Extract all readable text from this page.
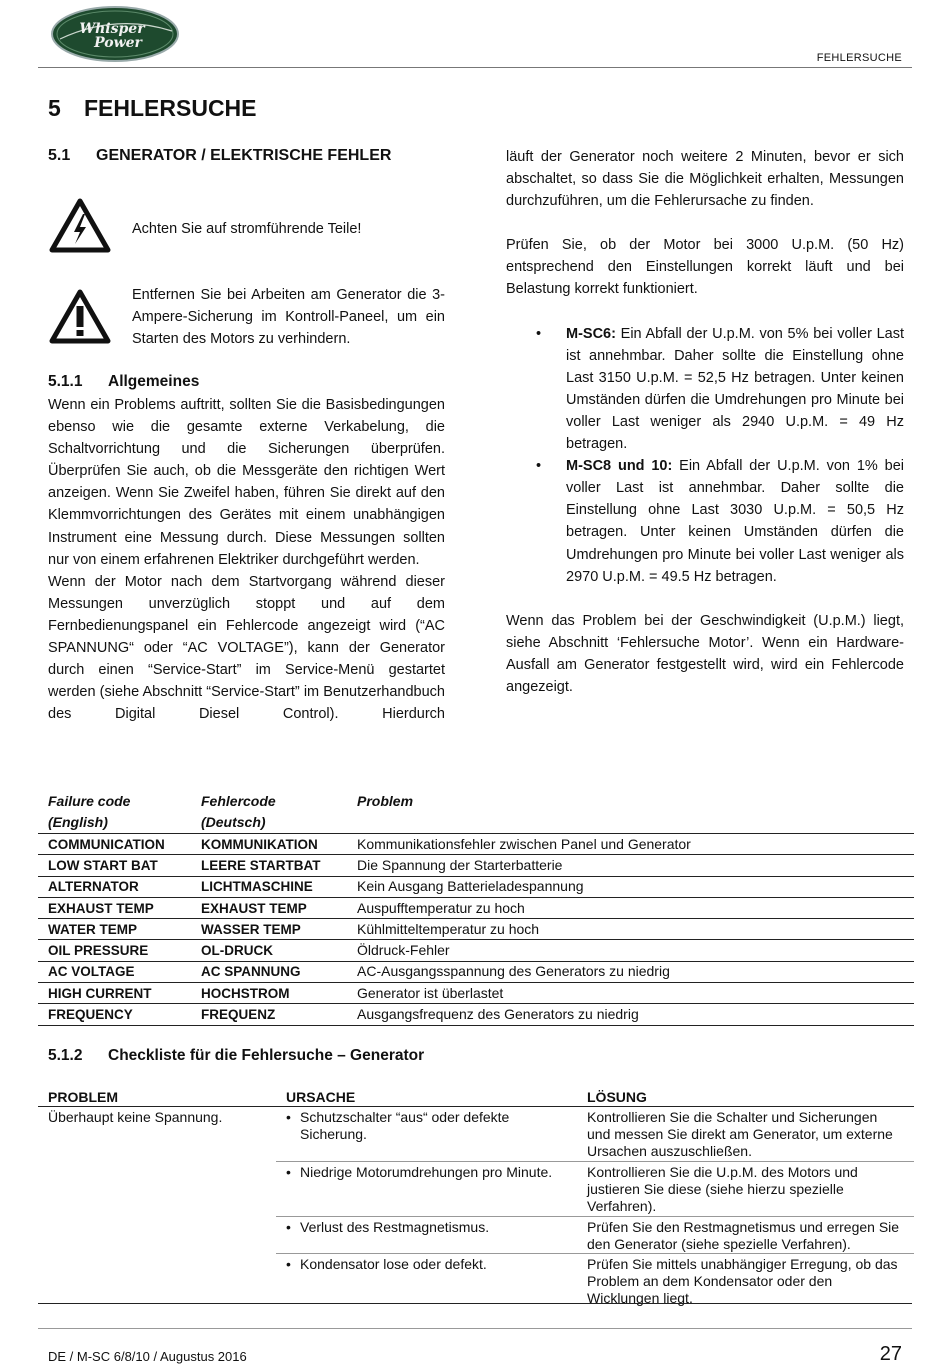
Whisper
Power
FEHLERSUCHE
5 FEHLERSUCHE
5.1 GENERATOR / ELEKTRISCHE FEHLER
Achten Sie auf stromführende Teile!
Entfernen Sie bei Arbeiten am Generator die 3-Ampere-Sicherung im Kontroll-Paneel, um ein Starten des Motors zu verhindern.
5.1.1 Allgemeines

Wenn ein Problems auftritt, sollten Sie die Basisbedingungen ebenso wie die gesamte externe Verkabelung, die Schaltvorrichtung und die Sicherungen überprüfen. Überprüfen Sie auch, ob die Messgeräte den richtigen Wert anzeigen. Wenn Sie Zweifel haben, führen Sie direkt auf den Klemmvorrichtungen des Gerätes mit einem unabhängigen Instrument eine Messung durch. Diese Messungen sollten nur von einem erfahrenen Elektriker durchgeführt werden.

Wenn der Motor nach dem Startvorgang während dieser Messungen unverzüglich stoppt und auf dem Fernbedienungspanel ein Fehlercode angezeigt wird (“AC SPANNUNG“ oder “AC VOLTAGE”), kann der Generator durch einen “Service-Start” im Service-Menü gestartet werden (siehe Abschnitt “Service-Start” im Benutzerhandbuch des Digital Diesel Control). Hierdurch

läuft der Generator noch weitere 2 Minuten, bevor er sich abschaltet, so dass Sie die Möglichkeit erhalten, Messungen durchzuführen, um die Fehlerursache zu finden.

Prüfen Sie, ob der Motor bei 3000 U.p.M. (50 Hz) entsprechend den Einstellungen korrekt läuft und bei Belastung korrekt funktioniert.

• M-SC6: Ein Abfall der U.p.M. von 5% bei voller Last ist annehmbar. Daher sollte die Einstellung ohne Last 3150 U.p.M. = 52,5 Hz betragen. Unter keinen Umständen dürfen die Umdrehungen pro Minute bei voller Last weniger als 2940 U.p.M. = 49 Hz betragen.
• M-SC8 und 10: Ein Abfall der U.p.M. von 1% bei voller Last ist annehmbar. Daher sollte die Einstellung ohne Last 3030 U.p.M. = 50,5 Hz betragen. Unter keinen Umständen dürfen die Umdrehungen pro Minute bei voller Last weniger als 2970 U.p.M. = 49.5 Hz betragen.

Wenn das Problem bei der Geschwindigkeit (U.p.M.) liegt, siehe Abschnitt ‘Fehlersuche Motor’. Wenn ein Hardware-Ausfall am Generator festgestellt wird, wird ein Fehlercode angezeigt.

Failure code (English)	Fehlercode (Deutsch)	Problem
COMMUNICATION	KOMMUNIKATION	Kommunikationsfehler zwischen Panel und Generator
LOW START BAT	LEERE STARTBAT	Die Spannung der Starterbatterie
ALTERNATOR	LICHTMASCHINE	Kein Ausgang Batterieladespannung
EXHAUST TEMP	EXHAUST TEMP	Auspufftemperatur zu hoch
WATER TEMP	WASSER TEMP	Kühlmitteltemperatur zu hoch
OIL PRESSURE	OL-DRUCK	Öldruck-Fehler
AC VOLTAGE	AC SPANNUNG	AC-Ausgangsspannung des Generators zu niedrig
HIGH CURRENT	HOCHSTROM	Generator ist überlastet
FREQUENCY	FREQUENZ	Ausgangsfrequenz des Generators zu niedrig
5.1.2 Checkliste für die Fehlersuche – Generator
PROBLEM	URSACHE	LÖSUNG
Überhaupt keine Spannung.	• Schutzschalter “aus“ oder defekte Sicherung.	Kontrollieren Sie die Schalter und Sicherungen und messen Sie direkt am Generator, um externe Ursachen auszuschließen.

	• Niedrige Motorumdrehungen pro Minute.	Kontrollieren Sie die U.p.M. des Motors und justieren Sie diese (siehe hierzu spezielle Verfahren).

	• Verlust des Restmagnetismus.	Prüfen Sie den Restmagnetismus und erregen Sie den Generator (siehe spezielle Verfahren).

	• Kondensator lose oder defekt.	Prüfen Sie mittels unabhängiger Erregung, ob das Problem an dem Kondensator oder den Wicklungen liegt.
DE / M-SC 6/8/10 / Augustus 2016	27
